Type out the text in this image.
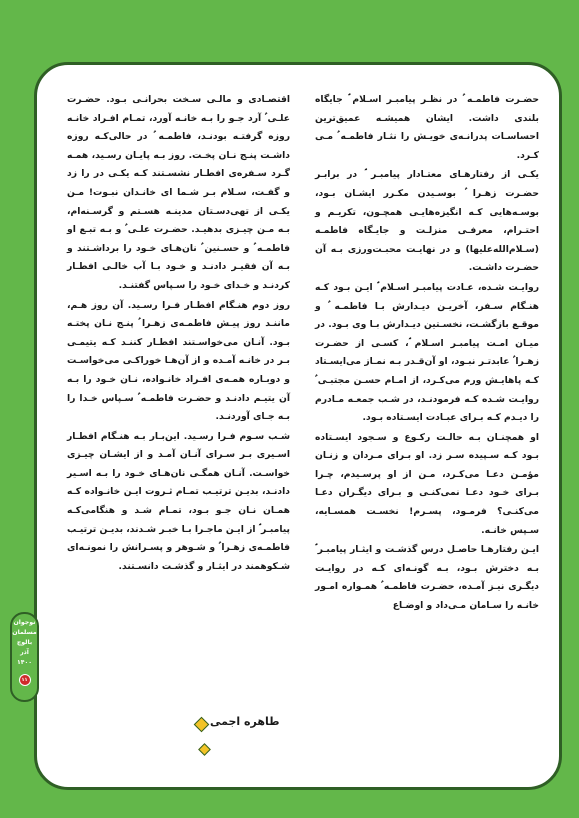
حضـرت فاطمـه ؑ در نظـر پیامبـر اسـلام ؐ جایگاه بلندی داشت. ایشان همیشـه عمیق‌ترین احساسـات پدرانـه‌ی خویـش را نثـار فاطمـه ؑ مـی کـرد.

یکـی از رفتارهـای معتـادار پیامبـر ؐ در برابـر حضـرت زهـرا ؑ بوسـیدن مکـرر ایشـان بـود، بوسـه‌هایی کـه انگیزه‌هایـی همچـون، تکریـم و احتـرام، معرفـی منزلـت و جایـگاه فاطمـه (سـلام‌الله‌علیها) و در نهایـت محبـت‌ورزی بـه آن حضـرت داشـت.

روایـت شـده، عـادت پیامبـر اسـلام ؐ ایـن بـود کـه هنـگام سـفر، آخریـن دیـدارش بـا فاطمـه ؑ و موقـع بازگشـت، نخسـتین دیـدارش بـا وی بـود. در میـان امـت پیامبـر اسـلام ؐ، کسـی از حضـرت زهـرا ؑ عابدتـر نبـود، او آن‌قـدر بـه نمـاز می‌ایسـتاد کـه پاهایـش ورم می‌کـرد، از امـام حسـن مجتبـی ؑ روایـت شـده کـه فرمودنـد، در شـب جمعـه مـادرم را دیـدم کـه بـرای عبـادت ایسـتاده بـود.

او همچنـان بـه حالـت رکـوع و سـجود ایسـتاده بـود کـه سـپیده سـر زد. او بـرای مـردان و زنـان مؤمـن دعـا می‌کـرد، مـن از او پرسـیدم، چـرا بـرای خـود دعـا نمی‌کنـی و بـرای دیگـران دعـا می‌کنـی؟ فرمـود، پسـرم! نخسـت همسـایه، سـپس خانـه.

ایـن رفتارهـا حاصـل درس گذشـت و ایثـار پیامبـر ؐ بـه دخترش بـود، بـه گونـه‌ای کـه در روایـت دیگـری نیـز آمـده، حضـرت فاطمـه ؑ همـواره امـور خانـه را سـامان مـی‌داد و اوضـاع

اقتصـادی و مالـی سـخت بحرانـی بـود. حضـرت علـی ؑ آرد جـو را بـه خانـه آورد، تمـام افـراد خانـه روزه گرفتـه بودنـد، فاطمـه ؑ در حالی‌کـه روزه داشـت پنـج نـان پخـت. روز بـه پایـان رسـید، همـه گـرد سـفره‌ی افطـار نشسـتند کـه یکـی در را زد و گفـت، سـلام بـر شـما ای خانـدان نبـوت! مـن یکـی از تهی‌دسـتان مدینـه هسـتم و گرسـنه‌ام، بـه مـن چیـزی بدهیـد. حضـرت علـی ؑ و بـه تبـع او فاطمـه ؑ و حسـنین ؑ نان‌هـای خـود را برداشـتند و بـه آن فقیـر دادنـد و خـود بـا آب خالـی افطـار کردنـد و خـدای خـود را سـپاس گفتنـد.

روز دوم هنـگام افطـار فـرا رسـید. آن روز هـم، ماننـد روز پیـش فاطمـه‌ی زهـرا ؑ پنـج نـان پختـه بـود. آنـان می‌خواسـتند افطـار کننـد کـه یتیمـی بـر در خانـه آمـده و از آن‌هـا خوراکـی می‌خواسـت و دوبـاره همـه‌ی افـراد خانـواده، نـان خـود را بـه آن یتیـم دادنـد و حضـرت فاطمـه ؑ سـپاس خـدا را بـه جـای آوردنـد.

شـب سـوم فـرا رسـید. این‌بـار بـه هنـگام افطـار اسـیری بـر سـرای آنـان آمـد و از ایشـان چیـزی خواسـت. آنـان همگـی نان‌هـای خـود را بـه اسـیر دادنـد، بدیـن ترتیـب تمـام ثـروت ایـن خانـواده کـه همـان نـان جـو بـود، تمـام شـد و هنگامی‌کـه پیامبـر ؐ از ایـن ماجـرا بـا خبـر شـدند، بدیـن ترتیـب فاطمـه‌ی زهـرا ؑ و شـوهر و پسـرانش را نمونـه‌ای شـکوهمند در ایثـار و گذشـت دانسـتند.

نوجوان
مسلمان
بالوچ
آذر ۱۴۰۰
۱۱
طاهره اجمی
